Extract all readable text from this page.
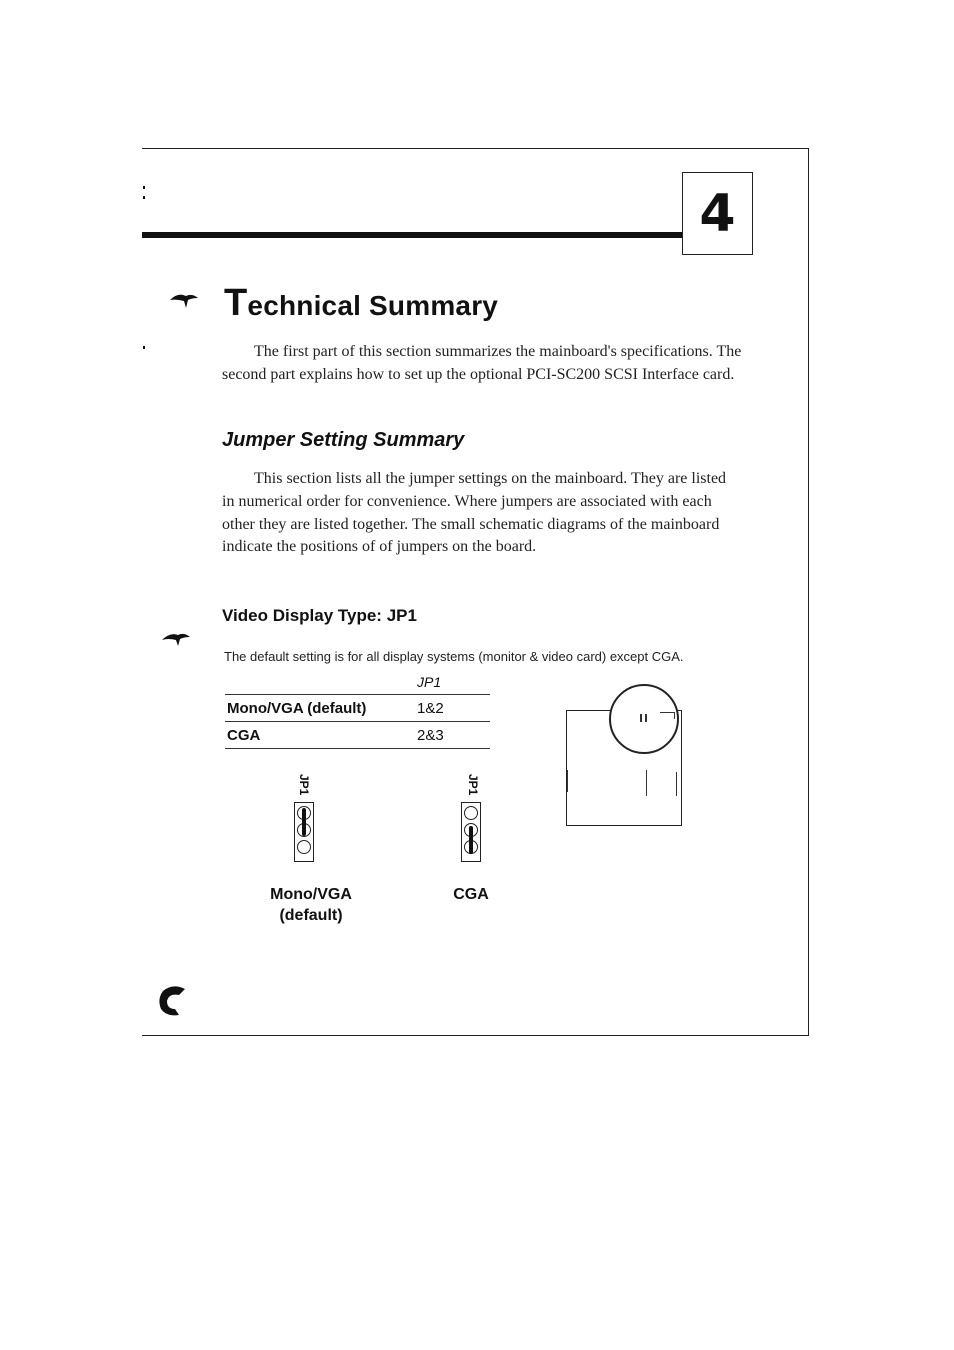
4
Technical Summary

The first part of this section summarizes the mainboard's specifications. The second part explains how to set up the optional PCI-SC200 SCSI Interface card.

Jumper Setting Summary

This section lists all the jumper settings on the mainboard. They are listed in numerical order for convenience. Where jumpers are associated with each other they are listed together. The small schematic diagrams of the mainboard indicate the positions of of jumpers on the board.

Video Display Type: JP1
The default setting is for all display systems (monitor & video card) except CGA.
JP1
Mono/VGA (default)	1&2
CGA	2&3
JP1
Mono/VGA
(default)
JP1
CGA
